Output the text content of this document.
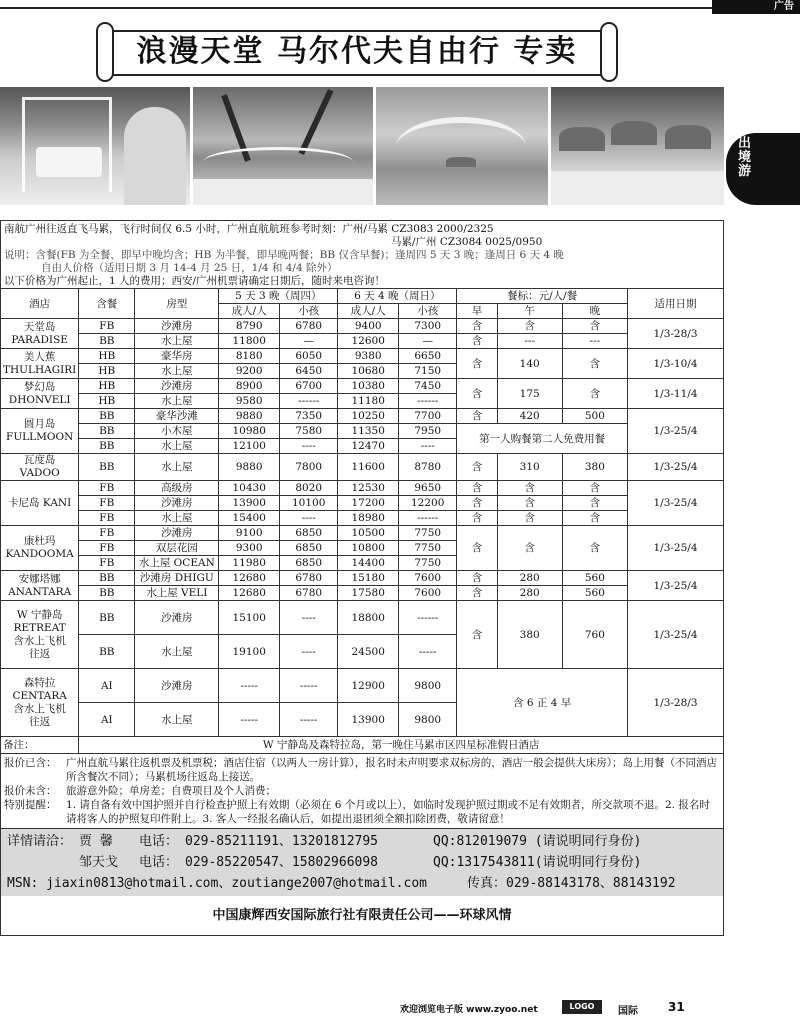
广告
浪漫天堂 马尔代夫自由行 专卖
出
境
游
南航广州往返直飞马累，飞行时间仅 6.5 小时，广州直航航班参考时刻：广州/马累 CZ3083 2000/2325
马累/广州 CZ3084 0025/0950
说明：含餐(FB 为全餐，即早中晚均含；HB 为半餐，即早晚两餐；BB 仅含早餐)；逢周四 5 天 3 晚；逢周日 6 天 4 晚
自由人价格（适用日期 3 月 14-4 月 25 日，1/4 和 4/4 除外）
以下价格为广州起止，1 人的费用；西安/广州机票请确定日期后，随时来电咨询！
酒店	含餐	房型	5 天 3 晚（周四）		6 天 4 晚（周日）		餐标：元/人/餐			适用日期
			成人/人	小孩	成人/人	小孩	早	午	晚	

天堂岛
PARADISE	FB	沙滩房	8790	6780	9400	7300	含	含	含	1/3-28/3
	BB	水上屋	11800	—	12600	—	含	---	---	

美人蕉
THULHAGIRI	HB	豪华房	8180	6050	9380	6650	含	140	含	1/3-10/4
	HB	水上屋	9200	6450	10680	7150				

梦幻岛
DHONVELI	HB	沙滩房	8900	6700	10380	7450	含	175	含	1/3-11/4
	HB	水上屋	9580	------	11180	------				

圆月岛
FULLMOON	BB	豪华沙滩	9880	7350	10250	7700	含	420	500	1/3-25/4
	BB	小木屋	10980	7580	11350	7950	第一人购餐第二人免费用餐			
	BB	水上屋	12100	----	12470	----				

瓦度岛
VADOO	BB	水上屋	9880	7800	11600	8780	含	310	380	1/3-25/4

卡尼岛 KANI	FB	高级房	10430	8020	12530	9650	含	含	含	1/3-25/4
	FB	沙滩房	13900	10100	17200	12200	含	含	含	
	FB	水上屋	15400	----	18980	------	含	含	含	

康杜玛
KANDOOMA	FB	沙滩房	9100	6850	10500	7750	含	含	含	1/3-25/4
	FB	双层花园	9300	6850	10800	7750				
	FB	水上屋 OCEAN	11980	6850	14400	7750				

安娜塔娜
ANANTARA	BB	沙滩房 DHIGU	12680	6780	15180	7600	含	280	560	1/3-25/4
	BB	水上屋 VELI	12680	6780	17580	7600	含	280	560	

W 宁静岛
RETREAT
含水上飞机
往返	BB	沙滩房	15100	----	18800	------	含	380	760	1/3-25/4
	BB	水上屋	19100	----	24500	-----				

森特拉
CENTARA
含水上飞机
往返	AI	沙滩房	-----	-----	12900	9800	含 6 正 4 早			1/3-28/3
	AI	水上屋	-----	-----	13900	9800				
备注：	W 宁静岛及森特拉岛，第一晚住马累市区四星标准假日酒店									
报价已含： 广州直航马累往返机票及机票税；酒店住宿（以两人一房计算），报名时未声明要求双标房的，酒店一般会提供大床房）；岛上用餐（不同酒店所含餐次不同）；马累机场往返岛上接送。
报价未含： 旅游意外险；单房差；自费项目及个人消费；
特别提醒： 1. 请自备有效中国护照并自行检查护照上有效期（必须在 6 个月或以上），如临时发现护照过期或不足有效期者，所交款项不退。2. 报名时请将客人的护照复印件附上。3. 客人一经报名确认后，如提出退团须全额扣除团费，敬请留意！
详情请洽： 贾 馨	电话： 029-85211191、13201812795	QQ:812019079 (请说明同行身份)
邹天戈	电话： 029-85220547、15802966098	QQ:1317543811(请说明同行身份)
MSN: jiaxin0813@hotmail.com、zoutiange2007@hotmail.com	传真：029-88143178、88143192
中国康辉西安国际旅行社有限责任公司——环球风情
欢迎浏览电子版 www.zyoo.net	LOGO	国际	31
